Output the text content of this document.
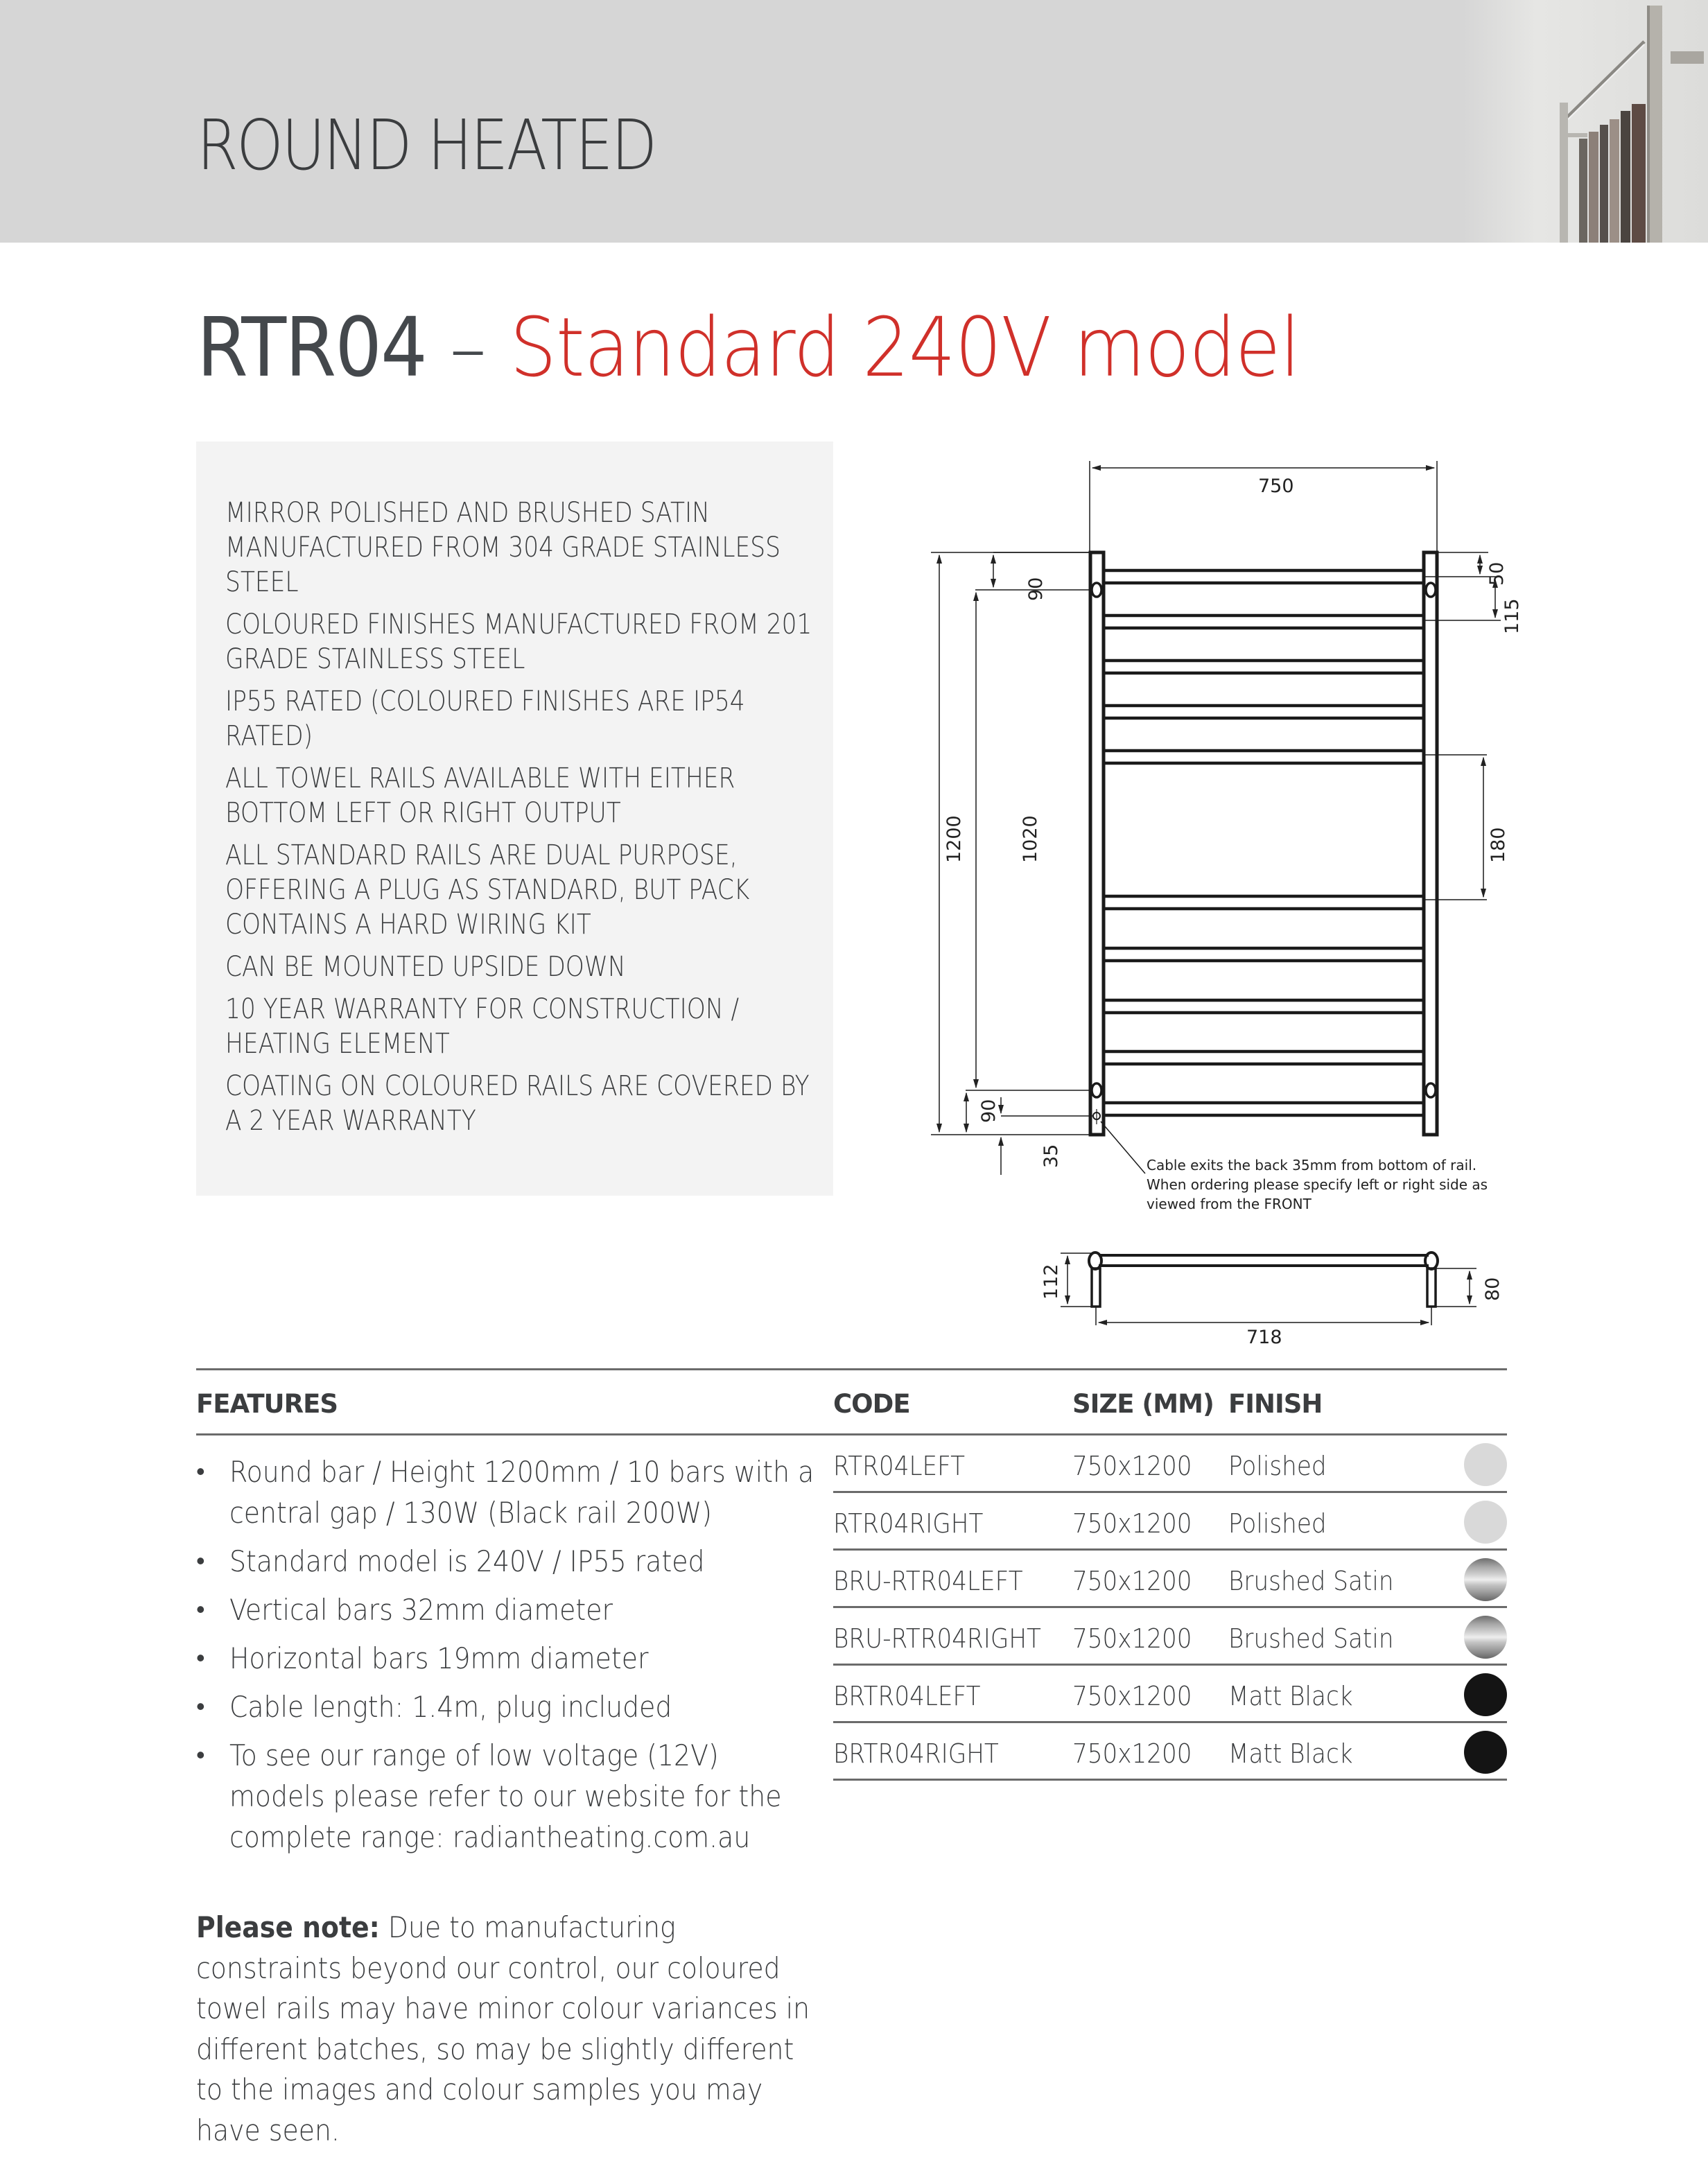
ROUND HEATED
RTR04 – Standard 240V model
MIRROR POLISHED AND BRUSHED SATIN MANUFACTURED FROM 304 GRADE STAINLESS STEEL
COLOURED FINISHES MANUFACTURED FROM 201 GRADE STAINLESS STEEL
IP55 RATED (COLOURED FINISHES ARE IP54 RATED)
ALL TOWEL RAILS AVAILABLE WITH EITHER BOTTOM LEFT OR RIGHT OUTPUT
ALL STANDARD RAILS ARE DUAL PURPOSE, OFFERING A PLUG AS STANDARD, BUT PACK CONTAINS A HARD WIRING KIT
CAN BE MOUNTED UPSIDE DOWN
10 YEAR WARRANTY FOR CONSTRUCTION / HEATING ELEMENT
COATING ON COLOURED RAILS ARE COVERED BY A 2 YEAR WARRANTY
750
1200	1020
90
90
35
50
115
180
Cable exits the back 35mm from bottom of rail.
When ordering please specify left or right side as
viewed from the FRONT
112	80
718
FEATURES
• Round bar / Height 1200mm / 10 bars with a central gap / 130W (Black rail 200W)
• Standard model is 240V / IP55 rated
• Vertical bars 32mm diameter
• Horizontal bars 19mm diameter
• Cable length: 1.4m, plug included
• To see our range of low voltage (12V) models please refer to our website for the complete range: radiantheating.com.au
Please note: Due to manufacturing constraints beyond our control, our coloured towel rails may have minor colour variances in different batches, so may be slightly different to the images and colour samples you may have seen.
CODE	SIZE (MM) FINISH
RTR04LEFT	750x1200 Polished
RTR04RIGHT	750x1200 Polished
BRU-RTR04LEFT 750x1200 Brushed Satin
BRU-RTR04RIGHT 750x1200 Brushed Satin
BRTR04LEFT	750x1200 Matt Black
BRTR04RIGHT	750x1200 Matt Black
